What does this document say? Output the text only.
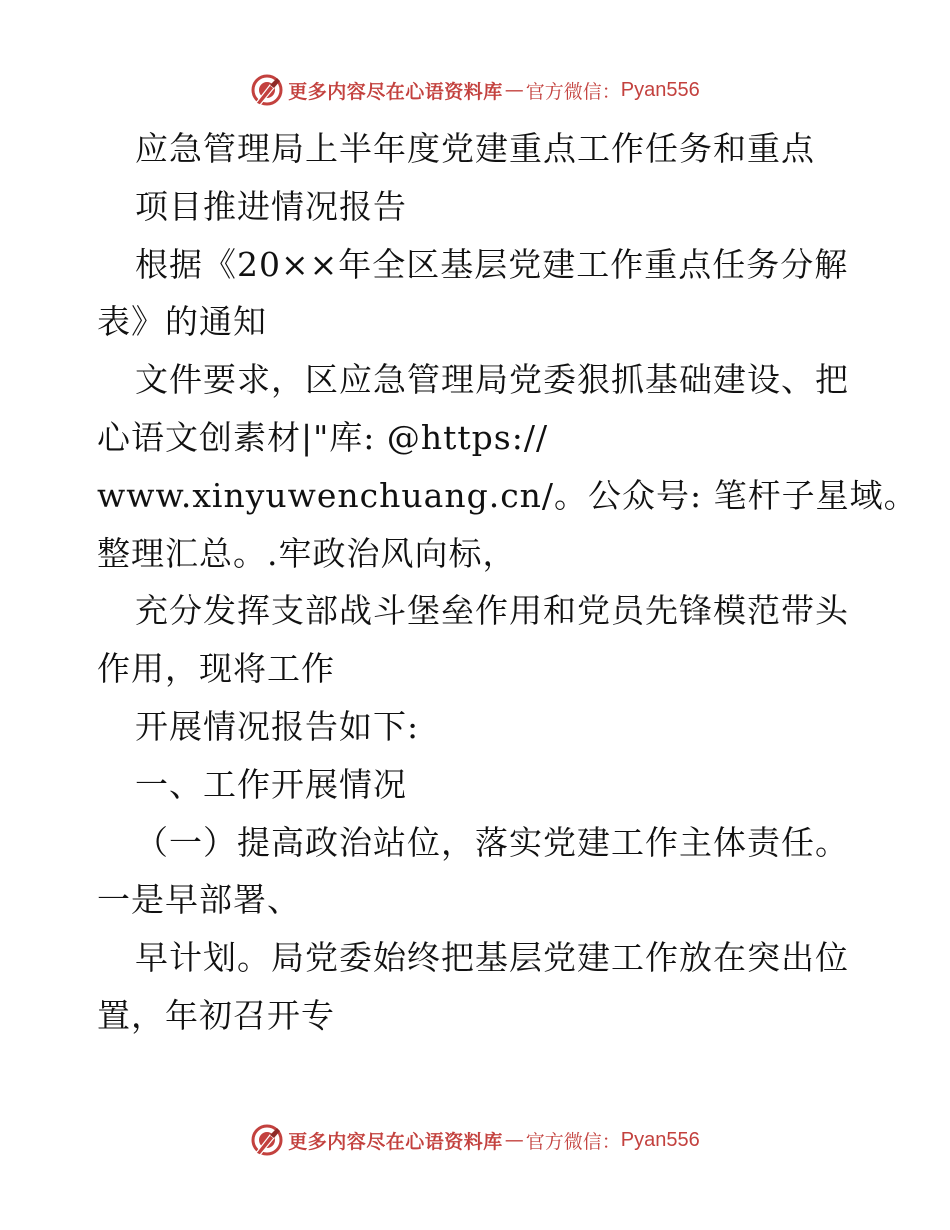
更多内容尽在心语资料库 — 官方微信： Pyan556
应急管理局上半年度党建重点工作任务和重点
项目推进情况报告
根据《20××年全区基层党建工作重点任务分解
表》的通知
文件要求，区应急管理局党委狠抓基础建设、把
心语文创素材|"库: @https://
www.xinyuwenchuang.cn/。公众号: 笔杆子星域。
整理汇总。.牢政治风向标，
充分发挥支部战斗堡垒作用和党员先锋模范带头
作用，现将工作
开展情况报告如下:
一、工作开展情况
（一）提高政治站位，落实党建工作主体责任。
一是早部署、
早计划。局党委始终把基层党建工作放在突出位
置，年初召开专
更多内容尽在心语资料库 — 官方微信： Pyan556
